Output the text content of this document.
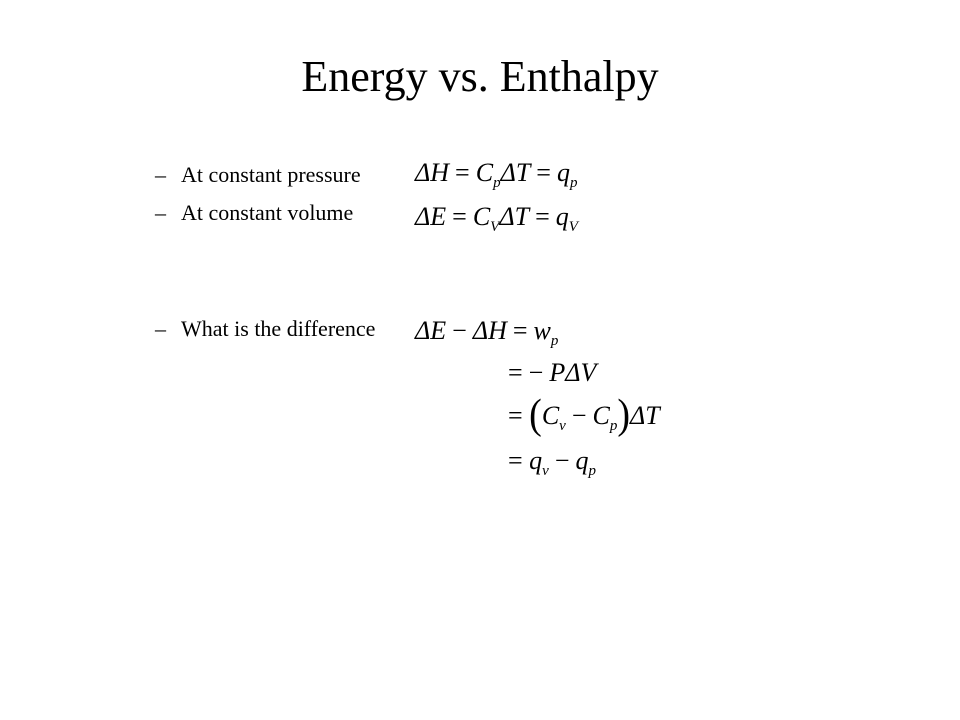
Energy vs. Enthalpy
– At constant pressure
– At constant volume
– What is the difference
$\Delta H = C_p\Delta T = q_p$
$\Delta E = C_V\Delta T = q_V$
$\Delta E - \Delta H = w_p$
= − PΔV
= $(C_v - C_p)\Delta T$
= $q_v - q_p$
